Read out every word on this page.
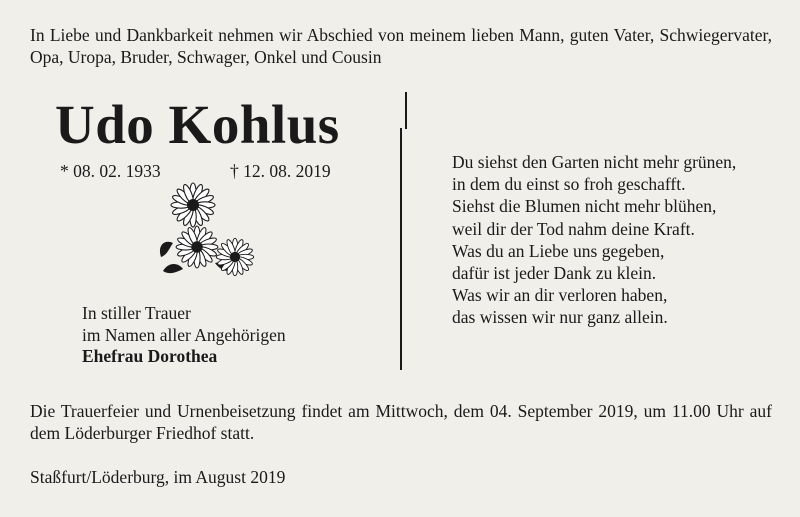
In Liebe und Dankbarkeit nehmen wir Abschied von meinem lieben Mann, guten Vater, Schwiegervater, Opa, Uropa, Bruder, Schwager, Onkel und Cousin
Udo Kohlus
* 08. 02. 1933	† 12. 08. 2019
In stiller Trauer
im Namen aller Angehörigen
Ehefrau Dorothea
Du siehst den Garten nicht mehr grünen,
in dem du einst so froh geschafft.
Siehst die Blumen nicht mehr blühen,
weil dir der Tod nahm deine Kraft.
Was du an Liebe uns gegeben,
dafür ist jeder Dank zu klein.
Was wir an dir verloren haben,
das wissen wir nur ganz allein.
Die Trauerfeier und Urnenbeisetzung findet am Mittwoch, dem 04. September 2019, um 11.00 Uhr auf dem Löderburger Friedhof statt.
Staßfurt/Löderburg, im August 2019
